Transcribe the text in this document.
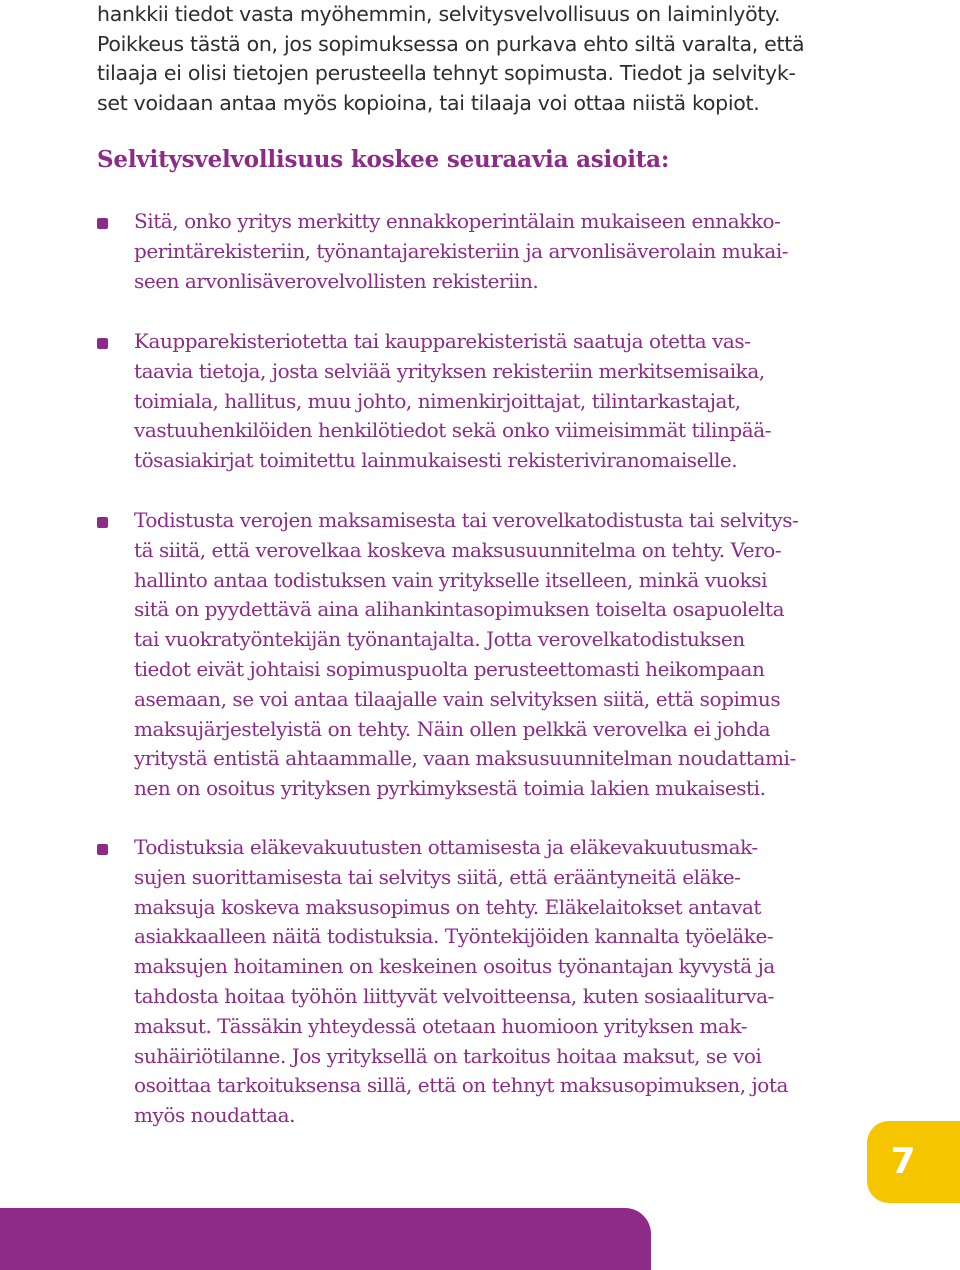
hankkii tiedot vasta myöhemmin, selvitysvelvollisuus on laiminlyöty.
Poikkeus tästä on, jos sopimuksessa on purkava ehto siltä varalta, että
tilaaja ei olisi tietojen perusteella tehnyt sopimusta. Tiedot ja selvityk-
set voidaan antaa myös kopioina, tai tilaaja voi ottaa niistä kopiot.
Selvitysvelvollisuus koskee seuraavia asioita:
Sitä, onko yritys merkitty ennakkoperintälain mukaiseen ennakko-
perintärekisteriin, työnantajarekisteriin ja arvonlisäverolain mukai-
seen arvonlisäverovelvollisten rekisteriin.
Kaupparekisteriotetta tai kaupparekisteristä saatuja otetta vas-
taavia tietoja, josta selviää yrityksen rekisteriin merkitsemisaika,
toimiala, hallitus, muu johto, nimenkirjoittajat, tilintarkastajat,
vastuuhenkilöiden henkilötiedot sekä onko viimeisimmät tilinpää-
tösasiakirjat toimitettu lainmukaisesti rekisteriviranomaiselle.
Todistusta verojen maksamisesta tai verovelkatodistusta tai selvitys-
tä siitä, että verovelkaa koskeva maksusuunnitelma on tehty. Vero-
hallinto antaa todistuksen vain yritykselle itselleen, minkä vuoksi
sitä on pyydettävä aina alihankintasopimuksen toiselta osapuolelta
tai vuokratyöntekijän työnantajalta. Jotta verovelkatodistuksen
tiedot eivät johtaisi sopimuspuolta perusteettomasti heikompaan
asemaan, se voi antaa tilaajalle vain selvityksen siitä, että sopimus
maksujärjestelyistä on tehty. Näin ollen pelkkä verovelka ei johda
yritystä entistä ahtaammalle, vaan maksusuunnitelman noudattami-
nen on osoitus yrityksen pyrkimyksestä toimia lakien mukaisesti.
Todistuksia eläkevakuutusten ottamisesta ja eläkevakuutusmak-
sujen suorittamisesta tai selvitys siitä, että erääntyneitä eläke-
maksuja koskeva maksusopimus on tehty. Eläkelaitokset antavat
asiakkaalleen näitä todistuksia. Työntekijöiden kannalta työeläke-
maksujen hoitaminen on keskeinen osoitus työnantajan kyvystä ja
tahdosta hoitaa työhön liittyvät velvoitteensa, kuten sosiaaliturva-
maksut. Tässäkin yhteydessä otetaan huomioon yrityksen mak-
suhäiriötilanne. Jos yrityksellä on tarkoitus hoitaa maksut, se voi
osoittaa tarkoituksensa sillä, että on tehnyt maksusopimuksen, jota
myös noudattaa.
7
